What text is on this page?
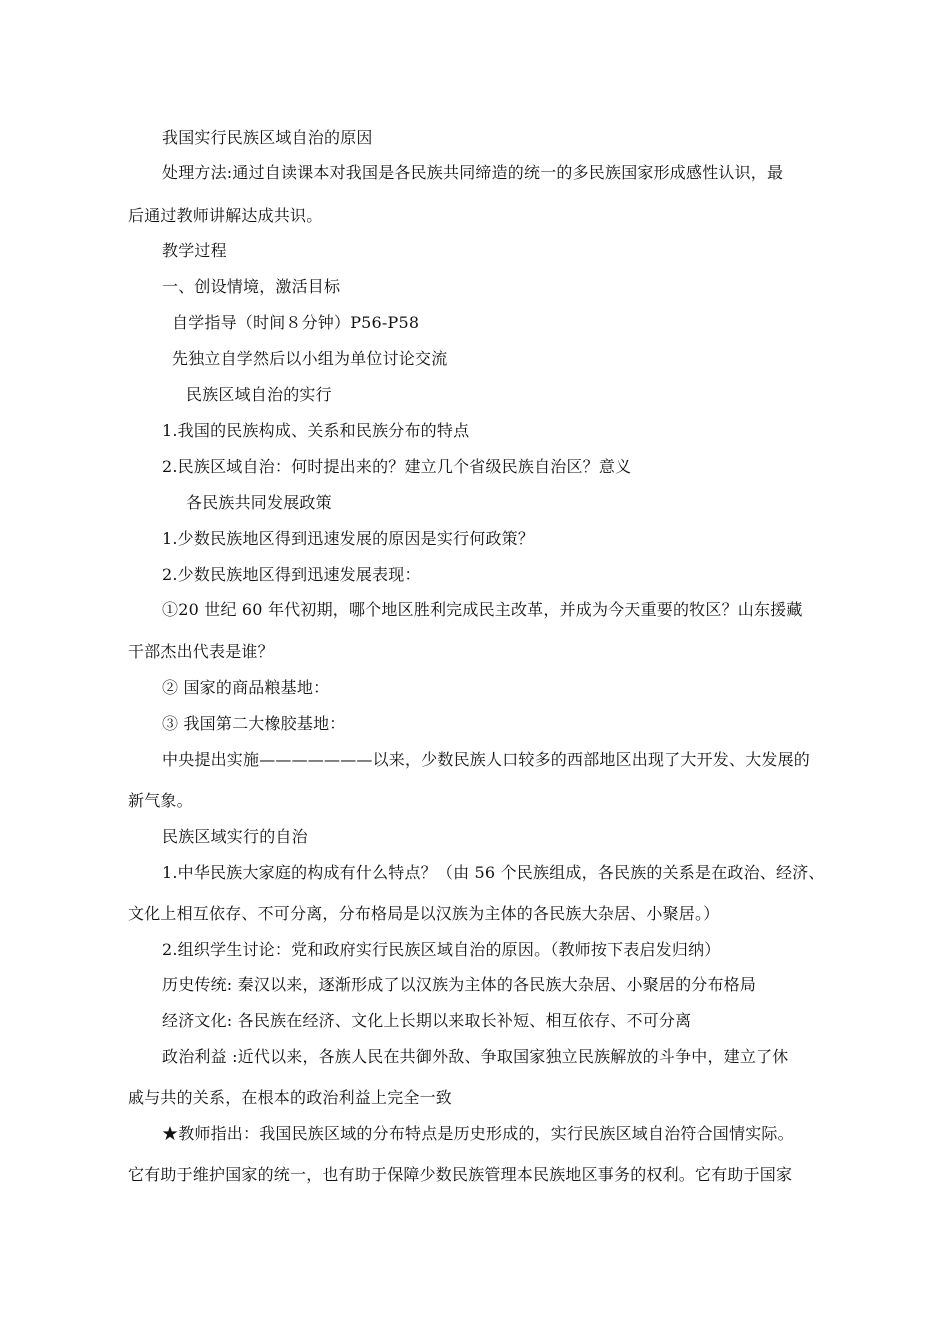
我国实行民族区域自治的原因
处理方法:通过自读课本对我国是各民族共同缔造的统一的多民族国家形成感性认识，最
后通过教师讲解达成共识。
教学过程
一、创设情境，激活目标
自学指导（时间８分钟）P56-P58
先独立自学然后以小组为单位讨论交流
民族区域自治的实行
1.我国的民族构成、关系和民族分布的特点
2.民族区域自治：何时提出来的？建立几个省级民族自治区？意义
各民族共同发展政策
1.少数民族地区得到迅速发展的原因是实行何政策？
2.少数民族地区得到迅速发展表现：
①20 世纪 60 年代初期，哪个地区胜利完成民主改革，并成为今天重要的牧区？山东援藏
干部杰出代表是谁？
② 国家的商品粮基地：
③ 我国第二大橡胶基地：
中央提出实施———————以来，少数民族人口较多的西部地区出现了大开发、大发展的
新气象。
民族区域实行的自治
1.中华民族大家庭的构成有什么特点？（由 56 个民族组成，各民族的关系是在政治、经济、
文化上相互依存、不可分离，分布格局是以汉族为主体的各民族大杂居、小聚居。）
2.组织学生讨论：党和政府实行民族区域自治的原因。（教师按下表启发归纳）
历史传统: 秦汉以来，逐渐形成了以汉族为主体的各民族大杂居、小聚居的分布格局
经济文化: 各民族在经济、文化上长期以来取长补短、相互依存、不可分离
政治利益 :近代以来，各族人民在共御外敌、争取国家独立民族解放的斗争中，建立了休
戚与共的关系，在根本的政治利益上完全一致
★教师指出：我国民族区域的分布特点是历史形成的，实行民族区域自治符合国情实际。
它有助于维护国家的统一，也有助于保障少数民族管理本民族地区事务的权利。它有助于国家
